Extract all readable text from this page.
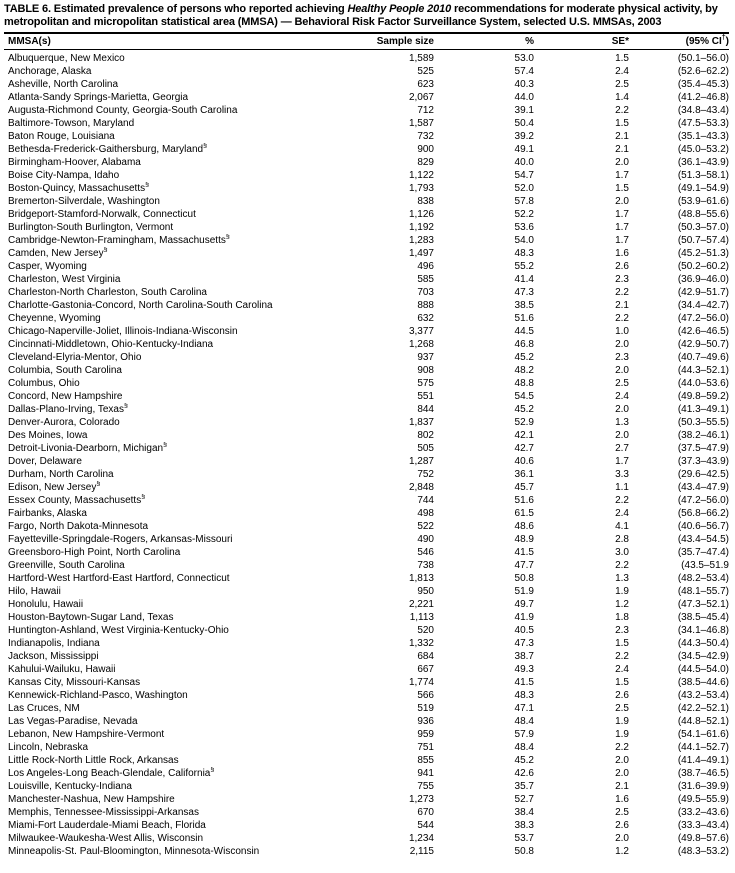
TABLE 6. Estimated prevalence of persons who reported achieving Healthy People 2010 recommendations for moderate physical activity, by metropolitan and micropolitan statistical area (MMSA) — Behavioral Risk Factor Surveillance System, selected U.S. MMSAs, 2003
MMSA(s)	Sample size	%	SE*	(95% CI†)
Albuquerque, New Mexico	1,589	53.0	1.5	(50.1–56.0)
Anchorage, Alaska	525	57.4	2.4	(52.6–62.2)
Asheville, North Carolina	623	40.3	2.5	(35.4–45.3)
Atlanta-Sandy Springs-Marietta, Georgia	2,067	44.0	1.4	(41.2–46.8)
Augusta-Richmond County, Georgia-South Carolina	712	39.1	2.2	(34.8–43.4)
Baltimore-Towson, Maryland	1,587	50.4	1.5	(47.5–53.3)
Baton Rouge, Louisiana	732	39.2	2.1	(35.1–43.3)
Bethesda-Frederick-Gaithersburg, Maryland§	900	49.1	2.1	(45.0–53.2)
Birmingham-Hoover, Alabama	829	40.0	2.0	(36.1–43.9)
Boise City-Nampa, Idaho	1,122	54.7	1.7	(51.3–58.1)
Boston-Quincy, Massachusetts§	1,793	52.0	1.5	(49.1–54.9)
Bremerton-Silverdale, Washington	838	57.8	2.0	(53.9–61.6)
Bridgeport-Stamford-Norwalk, Connecticut	1,126	52.2	1.7	(48.8–55.6)
Burlington-South Burlington, Vermont	1,192	53.6	1.7	(50.3–57.0)
Cambridge-Newton-Framingham, Massachusetts§	1,283	54.0	1.7	(50.7–57.4)
Camden, New Jersey§	1,497	48.3	1.6	(45.2–51.3)
Casper, Wyoming	496	55.2	2.6	(50.2–60.2)
Charleston, West Virginia	585	41.4	2.3	(36.9–46.0)
Charleston-North Charleston, South Carolina	703	47.3	2.2	(42.9–51.7)
Charlotte-Gastonia-Concord, North Carolina-South Carolina	888	38.5	2.1	(34.4–42.7)
Cheyenne, Wyoming	632	51.6	2.2	(47.2–56.0)
Chicago-Naperville-Joliet, Illinois-Indiana-Wisconsin	3,377	44.5	1.0	(42.6–46.5)
Cincinnati-Middletown, Ohio-Kentucky-Indiana	1,268	46.8	2.0	(42.9–50.7)
Cleveland-Elyria-Mentor, Ohio	937	45.2	2.3	(40.7–49.6)
Columbia, South Carolina	908	48.2	2.0	(44.3–52.1)
Columbus, Ohio	575	48.8	2.5	(44.0–53.6)
Concord, New Hampshire	551	54.5	2.4	(49.8–59.2)
Dallas-Plano-Irving, Texas§	844	45.2	2.0	(41.3–49.1)
Denver-Aurora, Colorado	1,837	52.9	1.3	(50.3–55.5)
Des Moines, Iowa	802	42.1	2.0	(38.2–46.1)
Detroit-Livonia-Dearborn, Michigan§	505	42.7	2.7	(37.5–47.9)
Dover, Delaware	1,287	40.6	1.7	(37.3–43.9)
Durham, North Carolina	752	36.1	3.3	(29.6–42.5)
Edison, New Jersey§	2,848	45.7	1.1	(43.4–47.9)
Essex County, Massachusetts§	744	51.6	2.2	(47.2–56.0)
Fairbanks, Alaska	498	61.5	2.4	(56.8–66.2)
Fargo, North Dakota-Minnesota	522	48.6	4.1	(40.6–56.7)
Fayetteville-Springdale-Rogers, Arkansas-Missouri	490	48.9	2.8	(43.4–54.5)
Greensboro-High Point, North Carolina	546	41.5	3.0	(35.7–47.4)
Greenville, South Carolina	738	47.7	2.2	(43.5–51.9
Hartford-West Hartford-East Hartford, Connecticut	1,813	50.8	1.3	(48.2–53.4)
Hilo, Hawaii	950	51.9	1.9	(48.1–55.7)
Honolulu, Hawaii	2,221	49.7	1.2	(47.3–52.1)
Houston-Baytown-Sugar Land, Texas	1,113	41.9	1.8	(38.5–45.4)
Huntington-Ashland, West Virginia-Kentucky-Ohio	520	40.5	2.3	(34.1–46.8)
Indianapolis, Indiana	1,332	47.3	1.5	(44.3–50.4)
Jackson, Mississippi	684	38.7	2.2	(34.5–42.9)
Kahului-Wailuku, Hawaii	667	49.3	2.4	(44.5–54.0)
Kansas City, Missouri-Kansas	1,774	41.5	1.5	(38.5–44.6)
Kennewick-Richland-Pasco, Washington	566	48.3	2.6	(43.2–53.4)
Las Cruces, NM	519	47.1	2.5	(42.2–52.1)
Las Vegas-Paradise, Nevada	936	48.4	1.9	(44.8–52.1)
Lebanon, New Hampshire-Vermont	959	57.9	1.9	(54.1–61.6)
Lincoln, Nebraska	751	48.4	2.2	(44.1–52.7)
Little Rock-North Little Rock, Arkansas	855	45.2	2.0	(41.4–49.1)
Los Angeles-Long Beach-Glendale, California§	941	42.6	2.0	(38.7–46.5)
Louisville, Kentucky-Indiana	755	35.7	2.1	(31.6–39.9)
Manchester-Nashua, New Hampshire	1,273	52.7	1.6	(49.5–55.9)
Memphis, Tennessee-Mississippi-Arkansas	670	38.4	2.5	(33.2–43.6)
Miami-Fort Lauderdale-Miami Beach, Florida	544	38.3	2.6	(33.3–43.4)
Milwaukee-Waukesha-West Allis, Wisconsin	1,234	53.7	2.0	(49.8–57.6)
Minneapolis-St. Paul-Bloomington, Minnesota-Wisconsin	2,115	50.8	1.2	(48.3–53.2)
